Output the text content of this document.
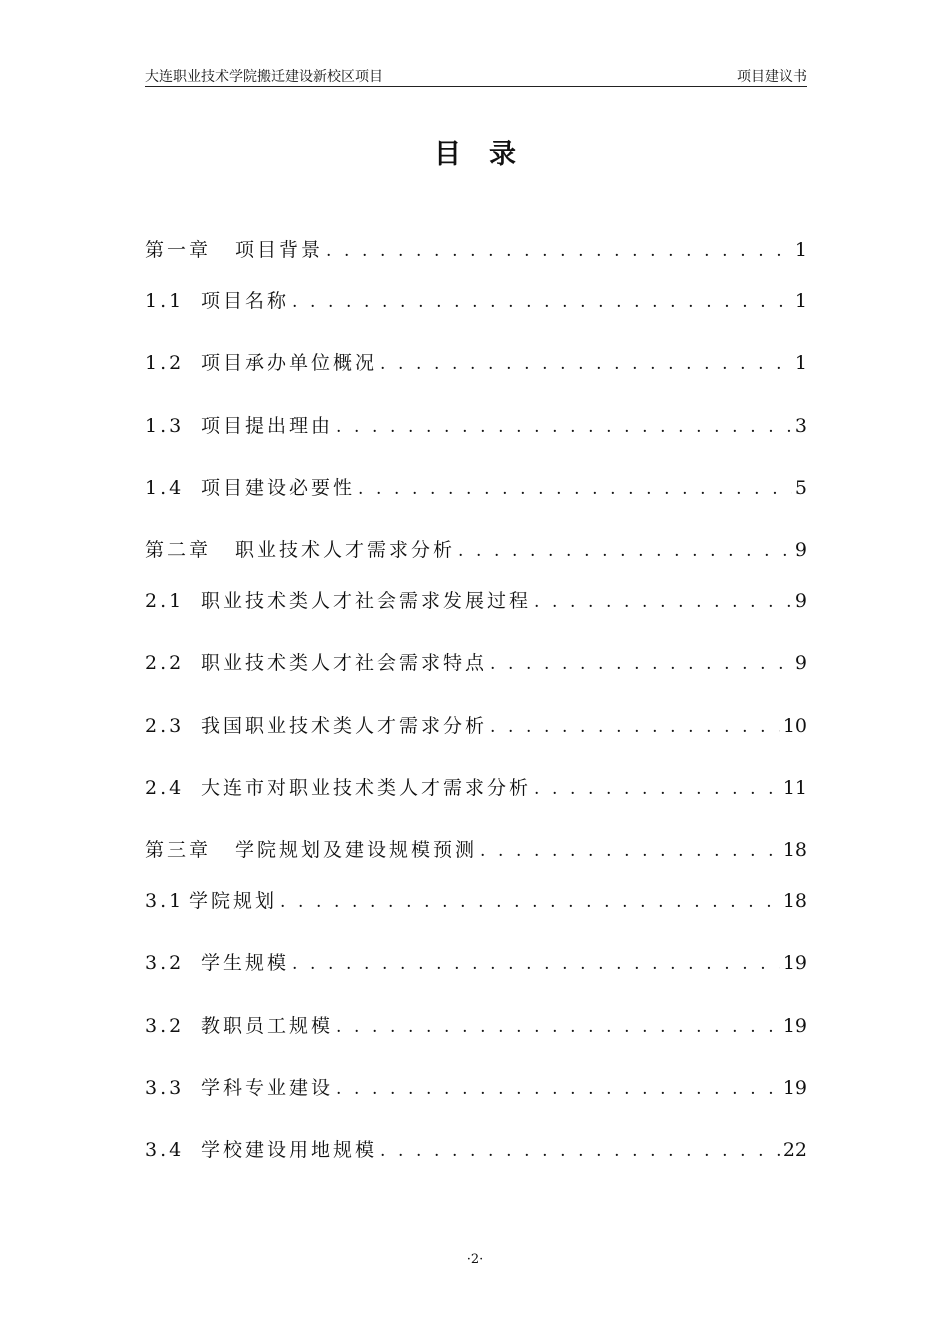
大连职业技术学院搬迁建设新校区项目	项目建议书
目录
第一章	项目背景 . . .	1
1.1 项目名称 . . .	1
1.2 项目承办单位概况 . . .	1
1.3 项目提出理由 . . .	3
1.4 项目建设必要性 . . .	5
第二章	职业技术人才需求分析 . . .	9
2.1 职业技术类人才社会需求发展过程 . . .	9
2.2 职业技术类人才社会需求特点 . . .	9
2.3 我国职业技术类人才需求分析 . . .	10
2.4 大连市对职业技术类人才需求分析 . . .	11
第三章	学院规划及建设规模预测 . . .	18
3.1 学院规划 . . .	18
3.2 学生规模 . . .	19
3.2 教职员工规模 . . .	19
3.3 学科专业建设 . . .	19
3.4 学校建设用地规模 . . .	22
·2·
